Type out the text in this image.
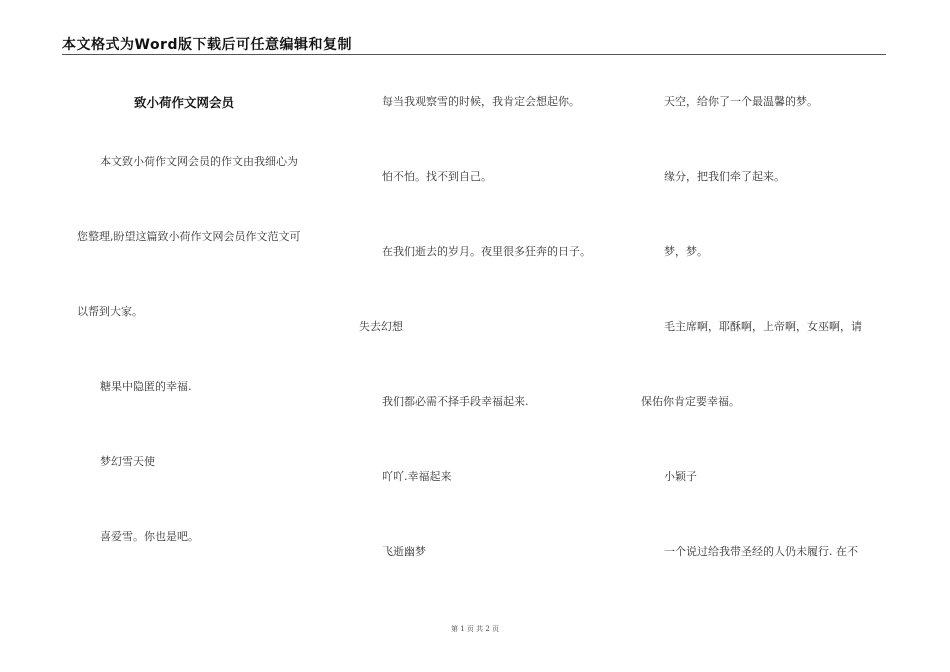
本文格式为Word版下载后可任意编辑和复制
致小荷作文网会员
本文致小荷作文网会员的作文由我细心为
您整理,盼望这篇致小荷作文网会员作文范文可
以帮到大家。
糖果中隐匿的幸福.
梦幻雪天使
喜爱雪。你也是吧。
每当我观察雪的时候，我肯定会想起你。
怕不怕。找不到自己。
在我们逝去的岁月。夜里很多狂奔的日子。
失去幻想
我们都必需不择手段幸福起来.
吖吖.幸福起来
飞逝幽梦
天空，给你了一个最温馨的梦。
缘分，把我们牵了起来。
梦，梦。
毛主席啊，耶酥啊，上帝啊，女巫啊，请
保佑你肯定要幸福。
小颖子
一个说过给我带圣经的人仍未履行. 在不
第 1 页 共 2 页
